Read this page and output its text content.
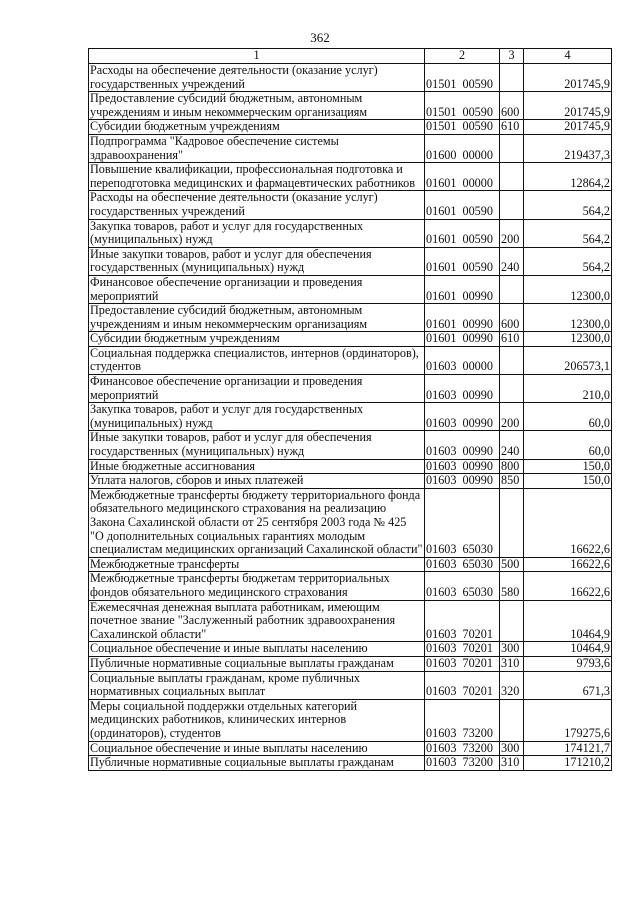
362
1	2	3	4
Расходы на обеспечение деятельности (оказание услуг) государственных учреждений	01501 00590		201745,9
Предоставление субсидий бюджетным, автономным учреждениям и иным некоммерческим организациям	01501 00590	600	201745,9
Субсидии бюджетным учреждениям	01501 00590	610	201745,9
Подпрограмма "Кадровое обеспечение системы здравоохранения"	01600 00000		219437,3
Повышение квалификации, профессиональная подготовка и переподготовка медицинских и фармацевтических работников	01601 00000		12864,2
Расходы на обеспечение деятельности (оказание услуг) государственных учреждений	01601 00590		564,2
Закупка товаров, работ и услуг для государственных (муниципальных) нужд	01601 00590	200	564,2
Иные закупки товаров, работ и услуг для обеспечения государственных (муниципальных) нужд	01601 00590	240	564,2
Финансовое обеспечение организации и проведения мероприятий	01601 00990		12300,0
Предоставление субсидий бюджетным, автономным учреждениям и иным некоммерческим организациям	01601 00990	600	12300,0
Субсидии бюджетным учреждениям	01601 00990	610	12300,0
Социальная поддержка специалистов, интернов (ординаторов), студентов	01603 00000		206573,1
Финансовое обеспечение организации и проведения мероприятий	01603 00990		210,0
Закупка товаров, работ и услуг для государственных (муниципальных) нужд	01603 00990	200	60,0
Иные закупки товаров, работ и услуг для обеспечения государственных (муниципальных) нужд	01603 00990	240	60,0
Иные бюджетные ассигнования	01603 00990	800	150,0
Уплата налогов, сборов и иных платежей	01603 00990	850	150,0
Межбюджетные трансферты бюджету территориального фонда обязательного медицинского страхования на реализацию Закона Сахалинской области от 25 сентября 2003 года № 425 "О дополнительных социальных гарантиях молодым специалистам медицинских организаций Сахалинской области"	01603 65030		16622,6
Межбюджетные трансферты	01603 65030	500	16622,6
Межбюджетные трансферты бюджетам территориальных фондов обязательного медицинского страхования	01603 65030	580	16622,6
Ежемесячная денежная выплата работникам, имеющим почетное звание "Заслуженный работник здравоохранения Сахалинской области"	01603 70201		10464,9
Социальное обеспечение и иные выплаты населению	01603 70201	300	10464,9
Публичные нормативные социальные выплаты гражданам	01603 70201	310	9793,6
Социальные выплаты гражданам, кроме публичных нормативных социальных выплат	01603 70201	320	671,3
Меры социальной поддержки отдельных категорий медицинских работников, клинических интернов (ординаторов), студентов	01603 73200		179275,6
Социальное обеспечение и иные выплаты населению	01603 73200	300	174121,7
Публичные нормативные социальные выплаты гражданам	01603 73200	310	171210,2
